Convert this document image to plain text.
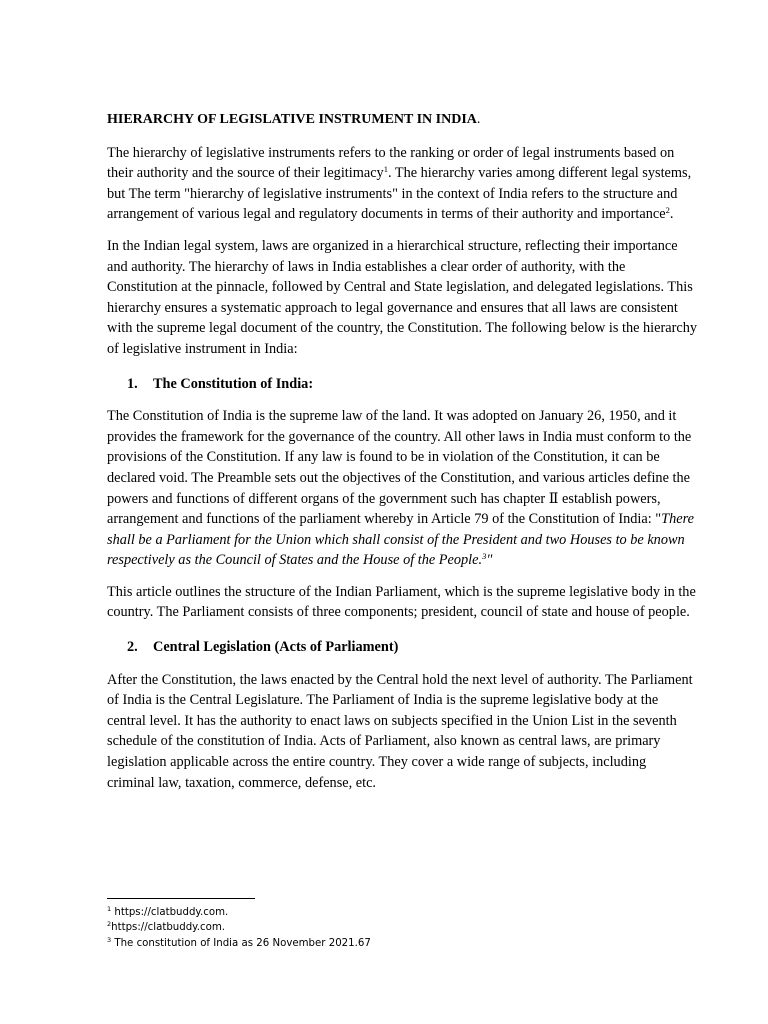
HIERARCHY OF LEGISLATIVE INSTRUMENT IN INDIA.

The hierarchy of legislative instruments refers to the ranking or order of legal instruments based on their authority and the source of their legitimacy$^1$. The hierarchy varies among different legal systems, but The term "hierarchy of legislative instruments" in the context of India refers to the structure and arrangement of various legal and regulatory documents in terms of their authority and importance$^2$.

In the Indian legal system, laws are organized in a hierarchical structure, reflecting their importance and authority. The hierarchy of laws in India establishes a clear order of authority, with the Constitution at the pinnacle, followed by Central and State legislation, and delegated legislations. This hierarchy ensures a systematic approach to legal governance and ensures that all laws are consistent with the supreme legal document of the country, the Constitution. The following below is the hierarchy of legislative instrument in India:

1. The Constitution of India:

The Constitution of India is the supreme law of the land. It was adopted on January 26, 1950, and it provides the framework for the governance of the country. All other laws in India must conform to the provisions of the Constitution. If any law is found to be in violation of the Constitution, it can be declared void. The Preamble sets out the objectives of the Constitution, and various articles define the powers and functions of different organs of the government such has chapter Ⅱ establish powers, arrangement and functions of the parliament whereby in Article 79 of the Constitution of India: "There shall be a Parliament for the Union which shall consist of the President and two Houses to be known respectively as the Council of States and the House of the People.$^3$"

This article outlines the structure of the Indian Parliament, which is the supreme legislative body in the country. The Parliament consists of three components; president, council of state and house of people.

2. Central Legislation (Acts of Parliament)

After the Constitution, the laws enacted by the Central hold the next level of authority. The Parliament of India is the Central Legislature. The Parliament of India is the supreme legislative body at the central level. It has the authority to enact laws on subjects specified in the Union List in the seventh schedule of the constitution of India. Acts of Parliament, also known as central laws, are primary legislation applicable across the entire country. They cover a wide range of subjects, including criminal law, taxation, commerce, defense, etc.

$^1$ https://clatbuddy.com.
$^2$https://clatbuddy.com.
$^3$ The constitution of India as 26 November 2021.67
